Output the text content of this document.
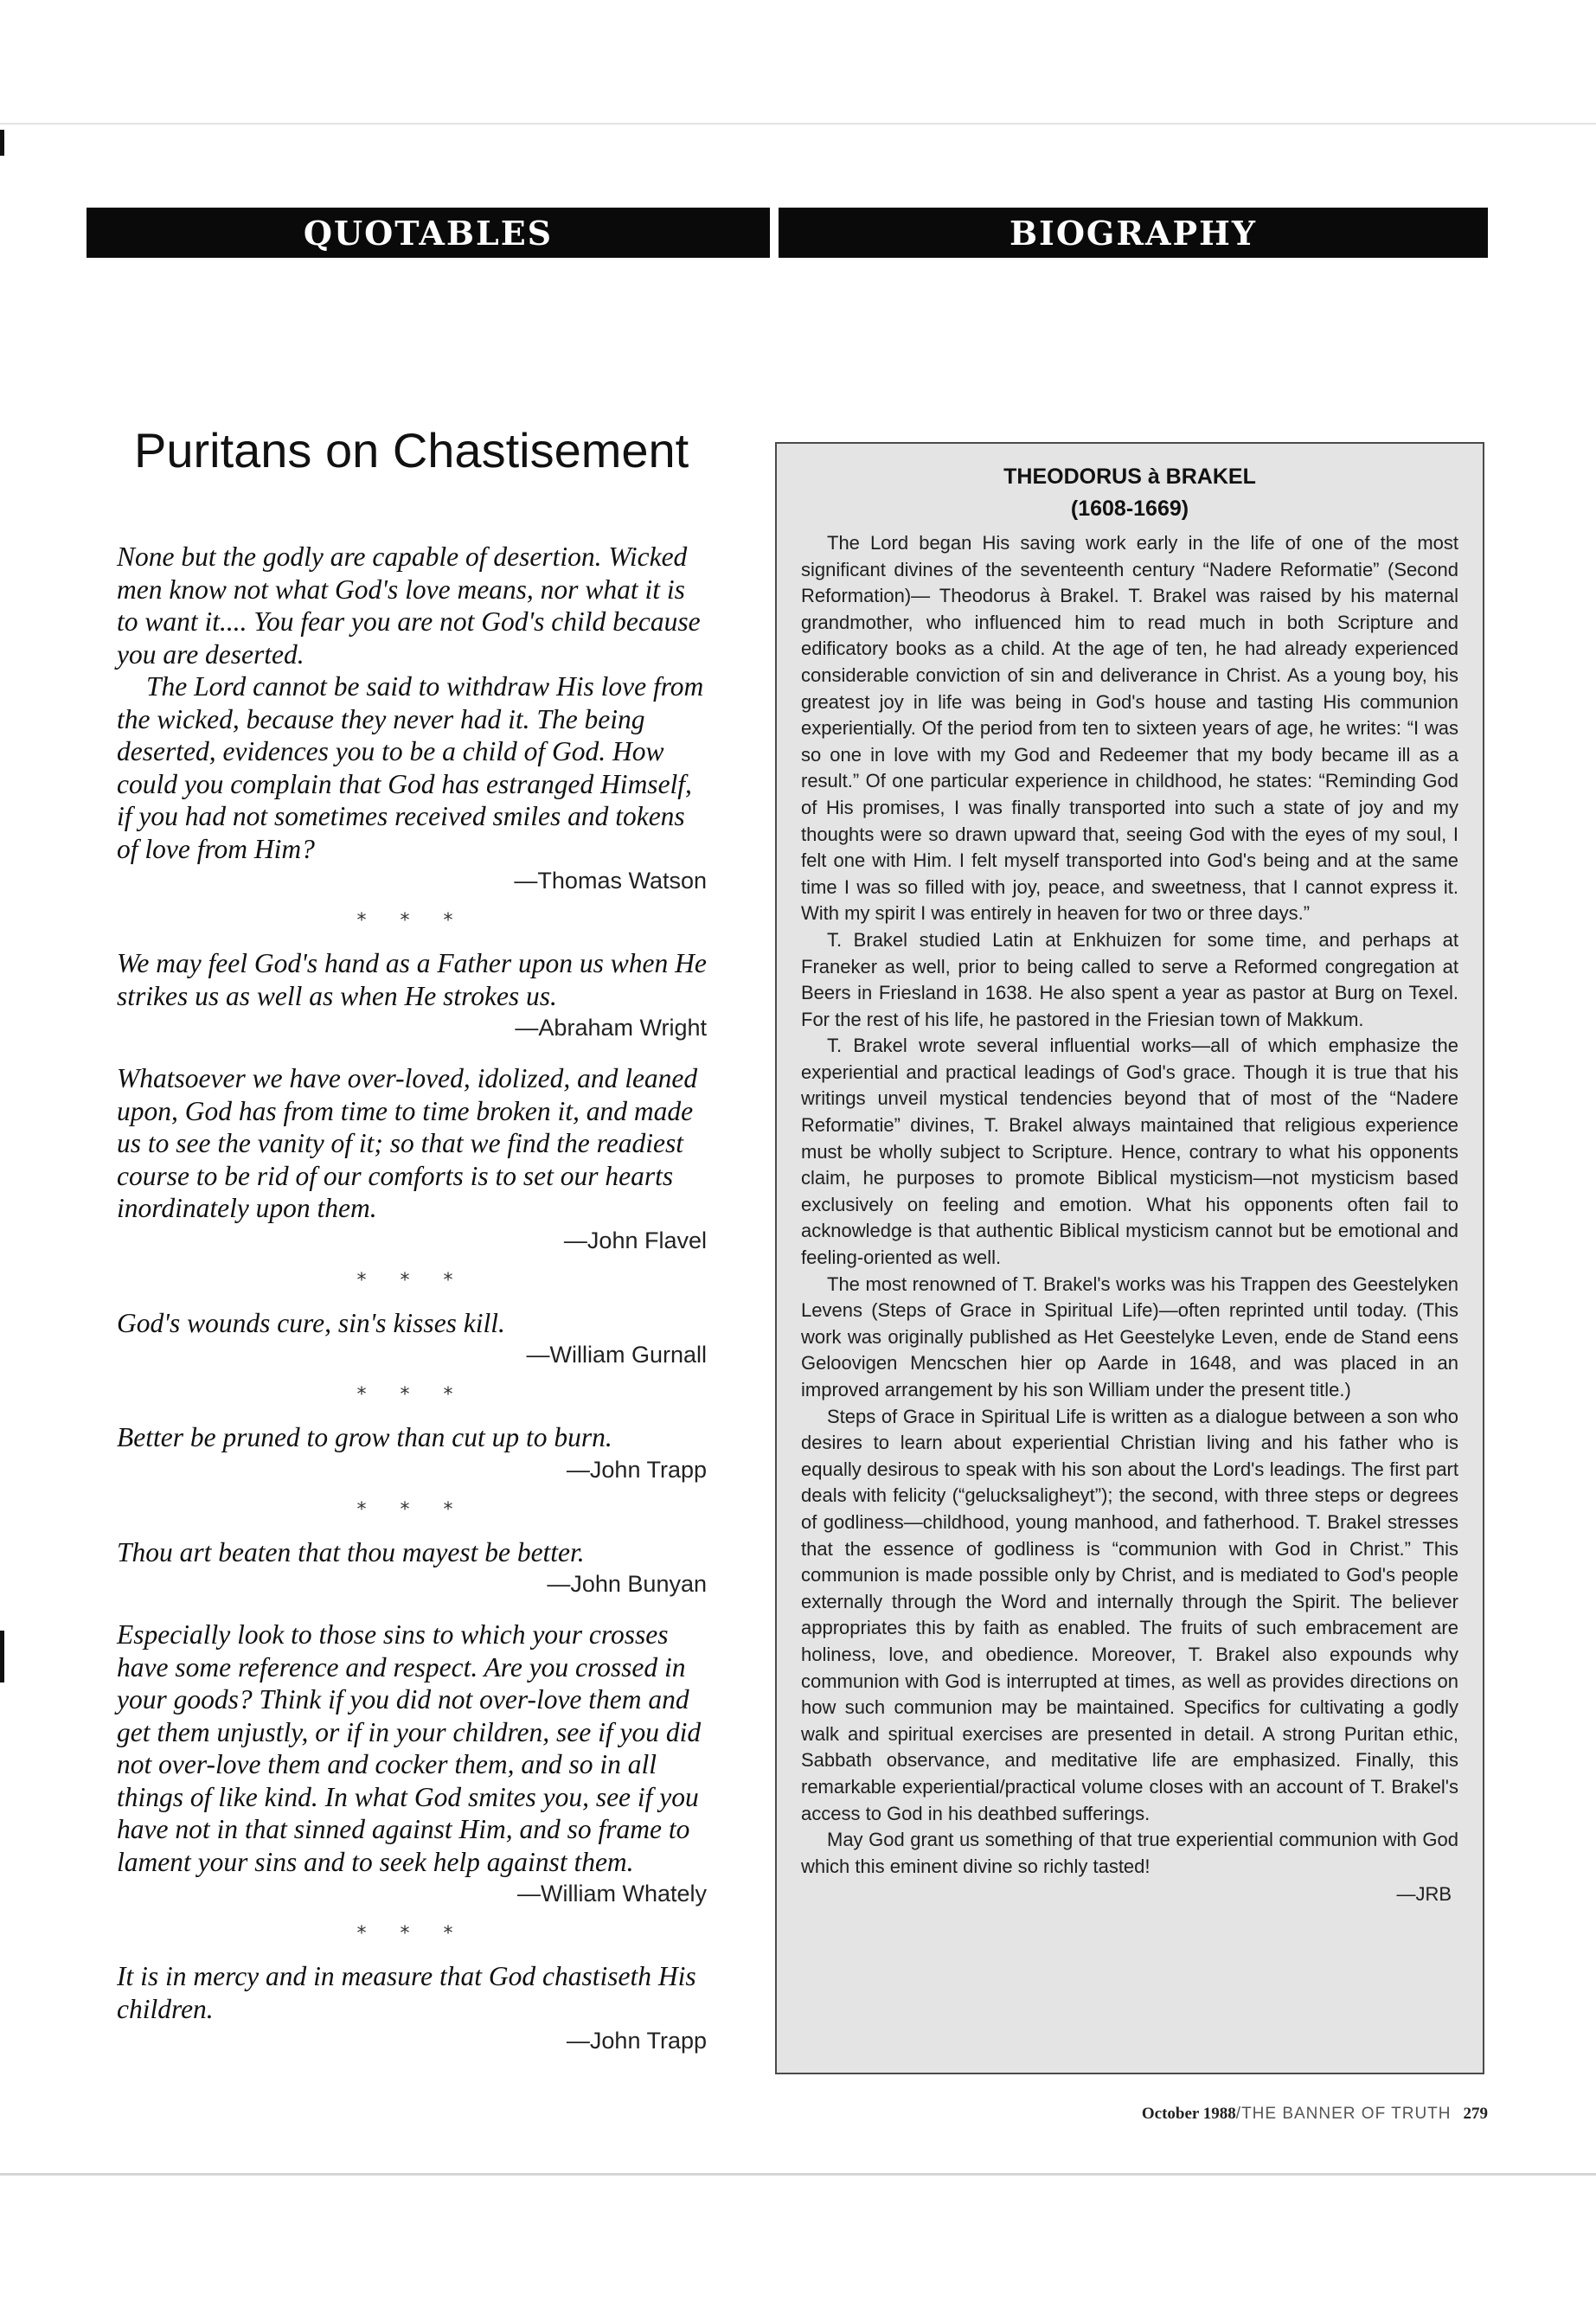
QUOTABLES	BIOGRAPHY
Puritans on Chastisement

None but the godly are capable of desertion. Wicked men know not what God's love means, nor what it is to want it.... You fear you are not God's child because you are deserted.

The Lord cannot be said to withdraw His love from the wicked, because they never had it. The being deserted, evidences you to be a child of God. How could you complain that God has estranged Himself, if you had not sometimes received smiles and tokens of love from Him?

—Thomas Watson
* * *

We may feel God's hand as a Father upon us when He strikes us as well as when He strokes us.

—Abraham Wright

Whatsoever we have over-loved, idolized, and leaned upon, God has from time to time broken it, and made us to see the vanity of it; so that we find the readiest course to be rid of our comforts is to set our hearts inordinately upon them.

—John Flavel
* * *

God's wounds cure, sin's kisses kill.

—William Gurnall
* * *

Better be pruned to grow than cut up to burn.

—John Trapp
* * *

Thou art beaten that thou mayest be better.

—John Bunyan

Especially look to those sins to which your crosses have some reference and respect. Are you crossed in your goods? Think if you did not over-love them and get them unjustly, or if in your children, see if you did not over-love them and cocker them, and so in all things of like kind. In what God smites you, see if you have not in that sinned against Him, and so frame to lament your sins and to seek help against them.

—William Whately
* * *

It is in mercy and in measure that God chastiseth His children.

—John Trapp
THEODORUS à BRAKEL
(1608-1669)

The Lord began His saving work early in the life of one of the most significant divines of the seventeenth century “Nadere Reformatie” (Second Reformation)— Theodorus à Brakel. T. Brakel was raised by his maternal grandmother, who influenced him to read much in both Scripture and edificatory books as a child. At the age of ten, he had already experienced considerable conviction of sin and deliverance in Christ. As a young boy, his greatest joy in life was being in God's house and tasting His communion experientially. Of the period from ten to sixteen years of age, he writes: “I was so one in love with my God and Redeemer that my body became ill as a result.” Of one particular experience in childhood, he states: “Reminding God of His promises, I was finally transported into such a state of joy and my thoughts were so drawn upward that, seeing God with the eyes of my soul, I felt one with Him. I felt myself transported into God's being and at the same time I was so filled with joy, peace, and sweetness, that I cannot express it. With my spirit I was entirely in heaven for two or three days.”

T. Brakel studied Latin at Enkhuizen for some time, and perhaps at Franeker as well, prior to being called to serve a Reformed congregation at Beers in Friesland in 1638. He also spent a year as pastor at Burg on Texel. For the rest of his life, he pastored in the Friesian town of Makkum.

T. Brakel wrote several influential works—all of which emphasize the experiential and practical leadings of God's grace. Though it is true that his writings unveil mystical tendencies beyond that of most of the “Nadere Reformatie” divines, T. Brakel always maintained that religious experience must be wholly subject to Scripture. Hence, contrary to what his opponents claim, he purposes to promote Biblical mysticism—not mysticism based exclusively on feeling and emotion. What his opponents often fail to acknowledge is that authentic Biblical mysticism cannot but be emotional and feeling-oriented as well.

The most renowned of T. Brakel's works was his Trappen des Geestelyken Levens (Steps of Grace in Spiritual Life)—often reprinted until today. (This work was originally published as Het Geestelyke Leven, ende de Stand eens Geloovigen Mencschen hier op Aarde in 1648, and was placed in an improved arrangement by his son William under the present title.)

Steps of Grace in Spiritual Life is written as a dialogue between a son who desires to learn about experiential Christian living and his father who is equally desirous to speak with his son about the Lord's leadings. The first part deals with felicity (“gelucksaligheyt”); the second, with three steps or degrees of godliness—childhood, young manhood, and fatherhood. T. Brakel stresses that the essence of godliness is “communion with God in Christ.” This communion is made possible only by Christ, and is mediated to God's people externally through the Word and internally through the Spirit. The believer appropriates this by faith as enabled. The fruits of such embracement are holiness, love, and obedience. Moreover, T. Brakel also expounds why communion with God is interrupted at times, as well as provides directions on how such communion may be maintained. Specifics for cultivating a godly walk and spiritual exercises are presented in detail. A strong Puritan ethic, Sabbath observance, and meditative life are emphasized. Finally, this remarkable experiential/practical volume closes with an account of T. Brakel's access to God in his deathbed sufferings.

May God grant us something of that true experiential communion with God which this eminent divine so richly tasted!

—JRB
October 1988/THE BANNER OF TRUTH 279
